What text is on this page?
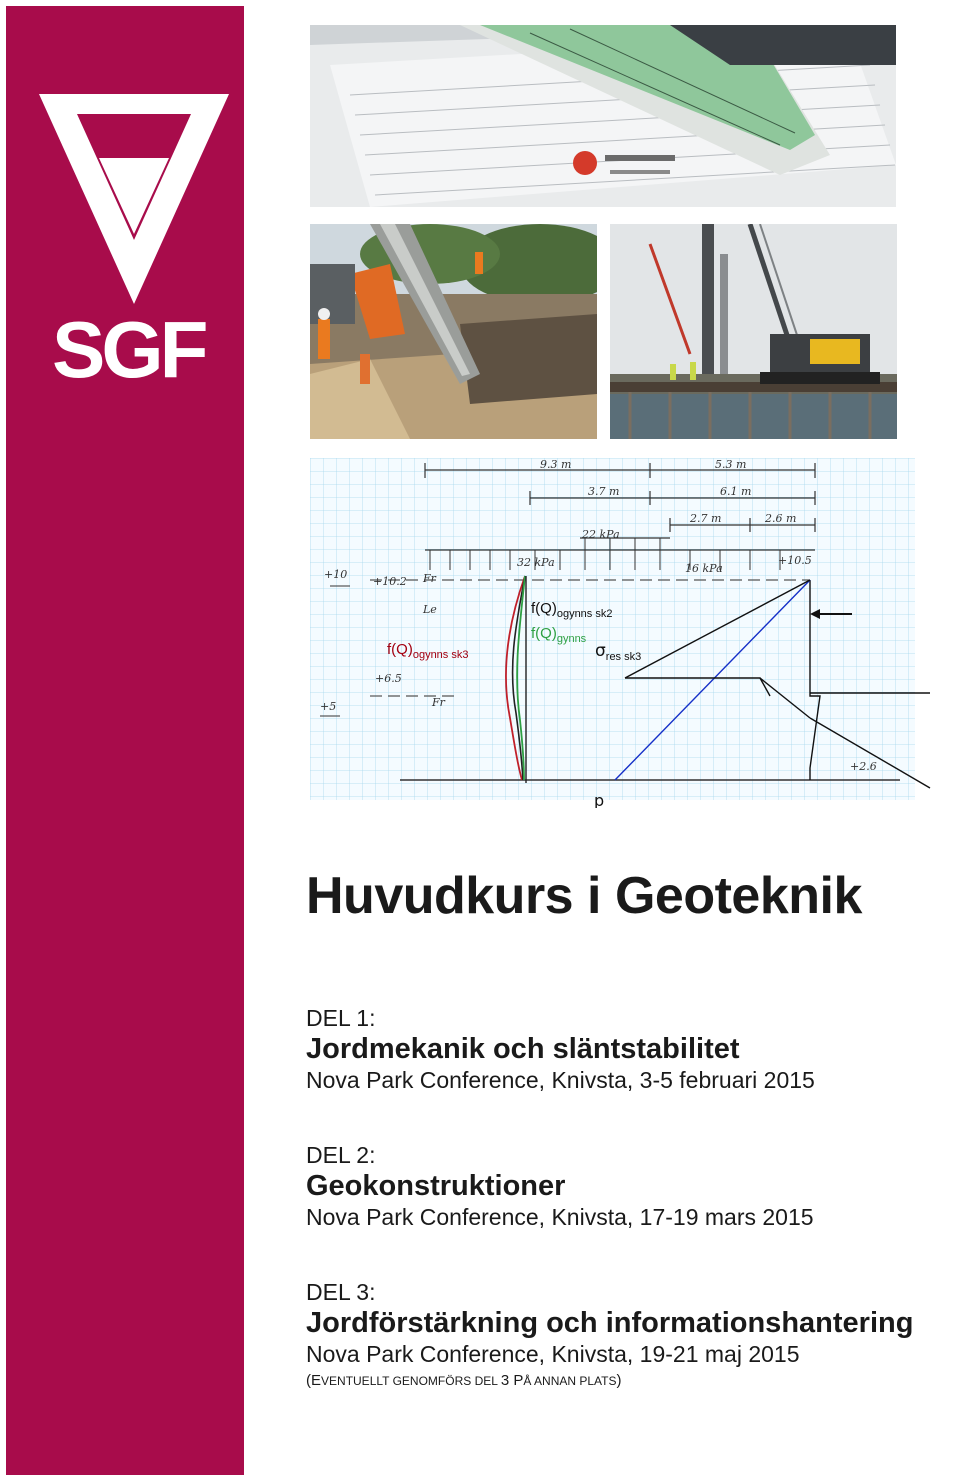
SGF
9.3 m	5.3 m
3.7 m	6.1 m
2.7 m	2.6 m
22 kPa
32 kPa	16 kPa
+10
+10.2
+6.5
+5
+10.5
+2.6
Fr
Le
Fr
$f(Q)_{ogynns sk3}$
$f(Q)_{ogynns sk2}$
$f(Q)_{gynns}$
$\sigma_{res sk3}$
p
Huvudkurs i Geoteknik
DEL 1:
Jordmekanik och släntstabilitet
Nova Park Conference, Knivsta, 3-5 februari 2015
DEL 2:
Geokonstruktioner
Nova Park Conference, Knivsta, 17-19 mars 2015
DEL 3:
Jordförstärkning och informationshantering
Nova Park Conference, Knivsta, 19-21 maj 2015
(EVENTUELLT GENOMFÖRS DEL 3 PÅ ANNAN PLATS)
